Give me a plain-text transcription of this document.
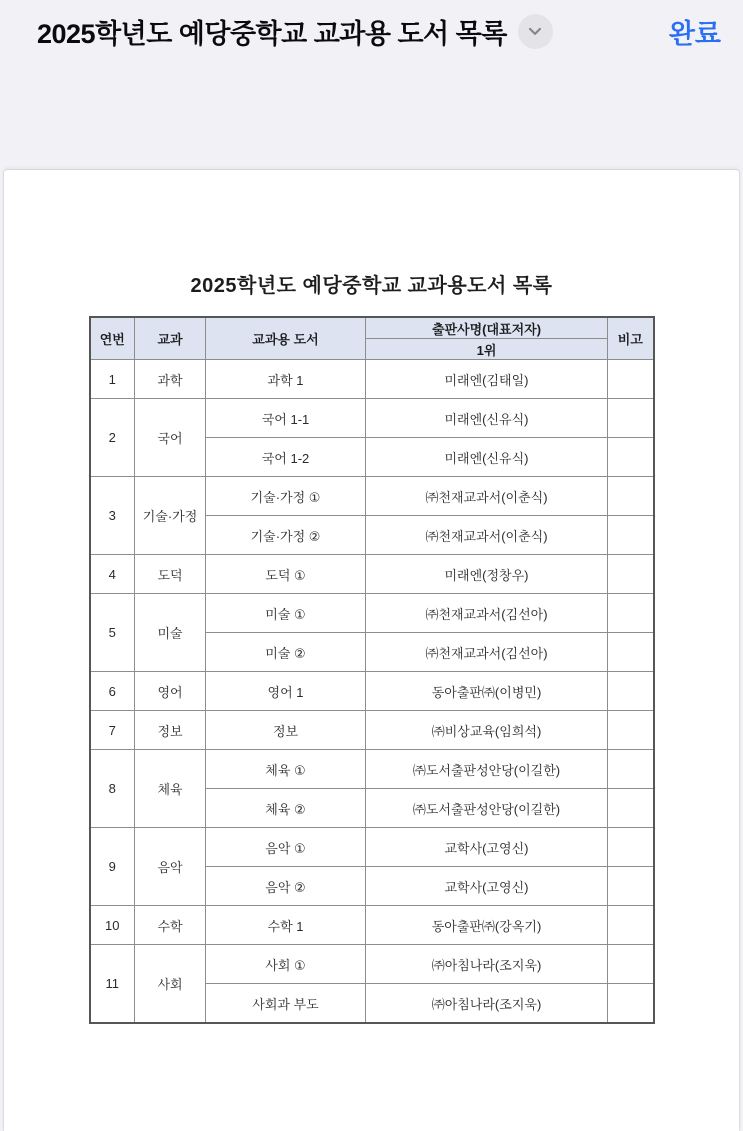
2025학년도 예당중학교 교과용 도서 목록	완료
2025학년도 예당중학교 교과용도서 목록
연번	교과	교과용 도서	출판사명(대표저자)	비고
			1위	
1	과학	과학 1	미래엔(김태일)	
2	국어	국어 1-1	미래엔(신유식)	
		국어 1-2	미래엔(신유식)	
3	기술·가정	기술·가정 ①	㈜천재교과서(이춘식)	
		기술·가정 ②	㈜천재교과서(이춘식)	
4	도덕	도덕 ①	미래엔(정창우)	
5	미술	미술 ①	㈜천재교과서(김선아)	
		미술 ②	㈜천재교과서(김선아)	
6	영어	영어 1	동아출판㈜(이병민)	
7	정보	정보	㈜비상교육(임희석)	
8	체육	체육 ①	㈜도서출판성안당(이길한)	
		체육 ②	㈜도서출판성안당(이길한)	
9	음악	음악 ①	교학사(고영신)	
		음악 ②	교학사(고영신)	
10	수학	수학 1	동아출판㈜(강옥기)	
11	사회	사회 ①	㈜아침나라(조지욱)	
		사회과 부도	㈜아침나라(조지욱)	
